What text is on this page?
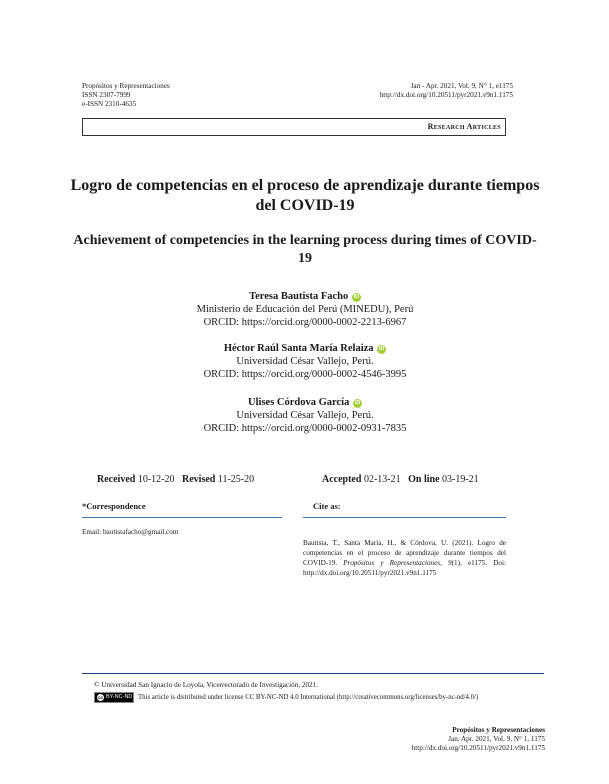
Propósitos y Representaciones
ISSN 2307-7999
e-ISSN 2310-4635
Jan - Apr. 2021, Vol. 9, N° 1, e1175
http://dx.doi.org/10.20511/pyr2021.v9n1.1175
Research Articles
Logro de competencias en el proceso de aprendizaje durante tiempos del COVID-19
Achievement of competencies in the learning process during times of COVID-19
Teresa Bautista Facho iD
Ministerio de Educación del Perú (MINEDU), Perú
ORCID: https://orcid.org/0000-0002-2213-6967
Héctor Raúl Santa María Relaiza iD
Universidad César Vallejo, Perú.
ORCID: https://orcid.org/0000-0002-4546-3995
Ulises Córdova García iD
Universidad César Vallejo, Perú.
ORCID: https://orcid.org/0000-0002-0931-7835
Received 10-12-20 Revised 11-25-20	Accepted 02-13-21 On line 03-19-21
*Correspondence	Cite as:
Email: bautistafacho@gmail.com
Bautista, T., Santa María, H., & Córdova, U. (2021). Logro de competencias en el proceso de aprendizaje durante tiempos del COVID-19. Propósitos y Representaciones, 9(1), e1175. Doi: http://dx.doi.org/10.20511/pyr2021.v9n1.1175
© Universidad San Ignacio de Loyola, Vicerrectorado de Investigación, 2021.
cc BY-NC-ND This article is distributed under license CC BY-NC-ND 4.0 International (http://creativecommons.org/licenses/by-nc-nd/4.0/)
Propósitos y Representaciones
Jan. Apr. 2021, Vol. 9, N° 1, 1175
http://dx.doi.org/10.20511/pyr2021.v9n1.1175
